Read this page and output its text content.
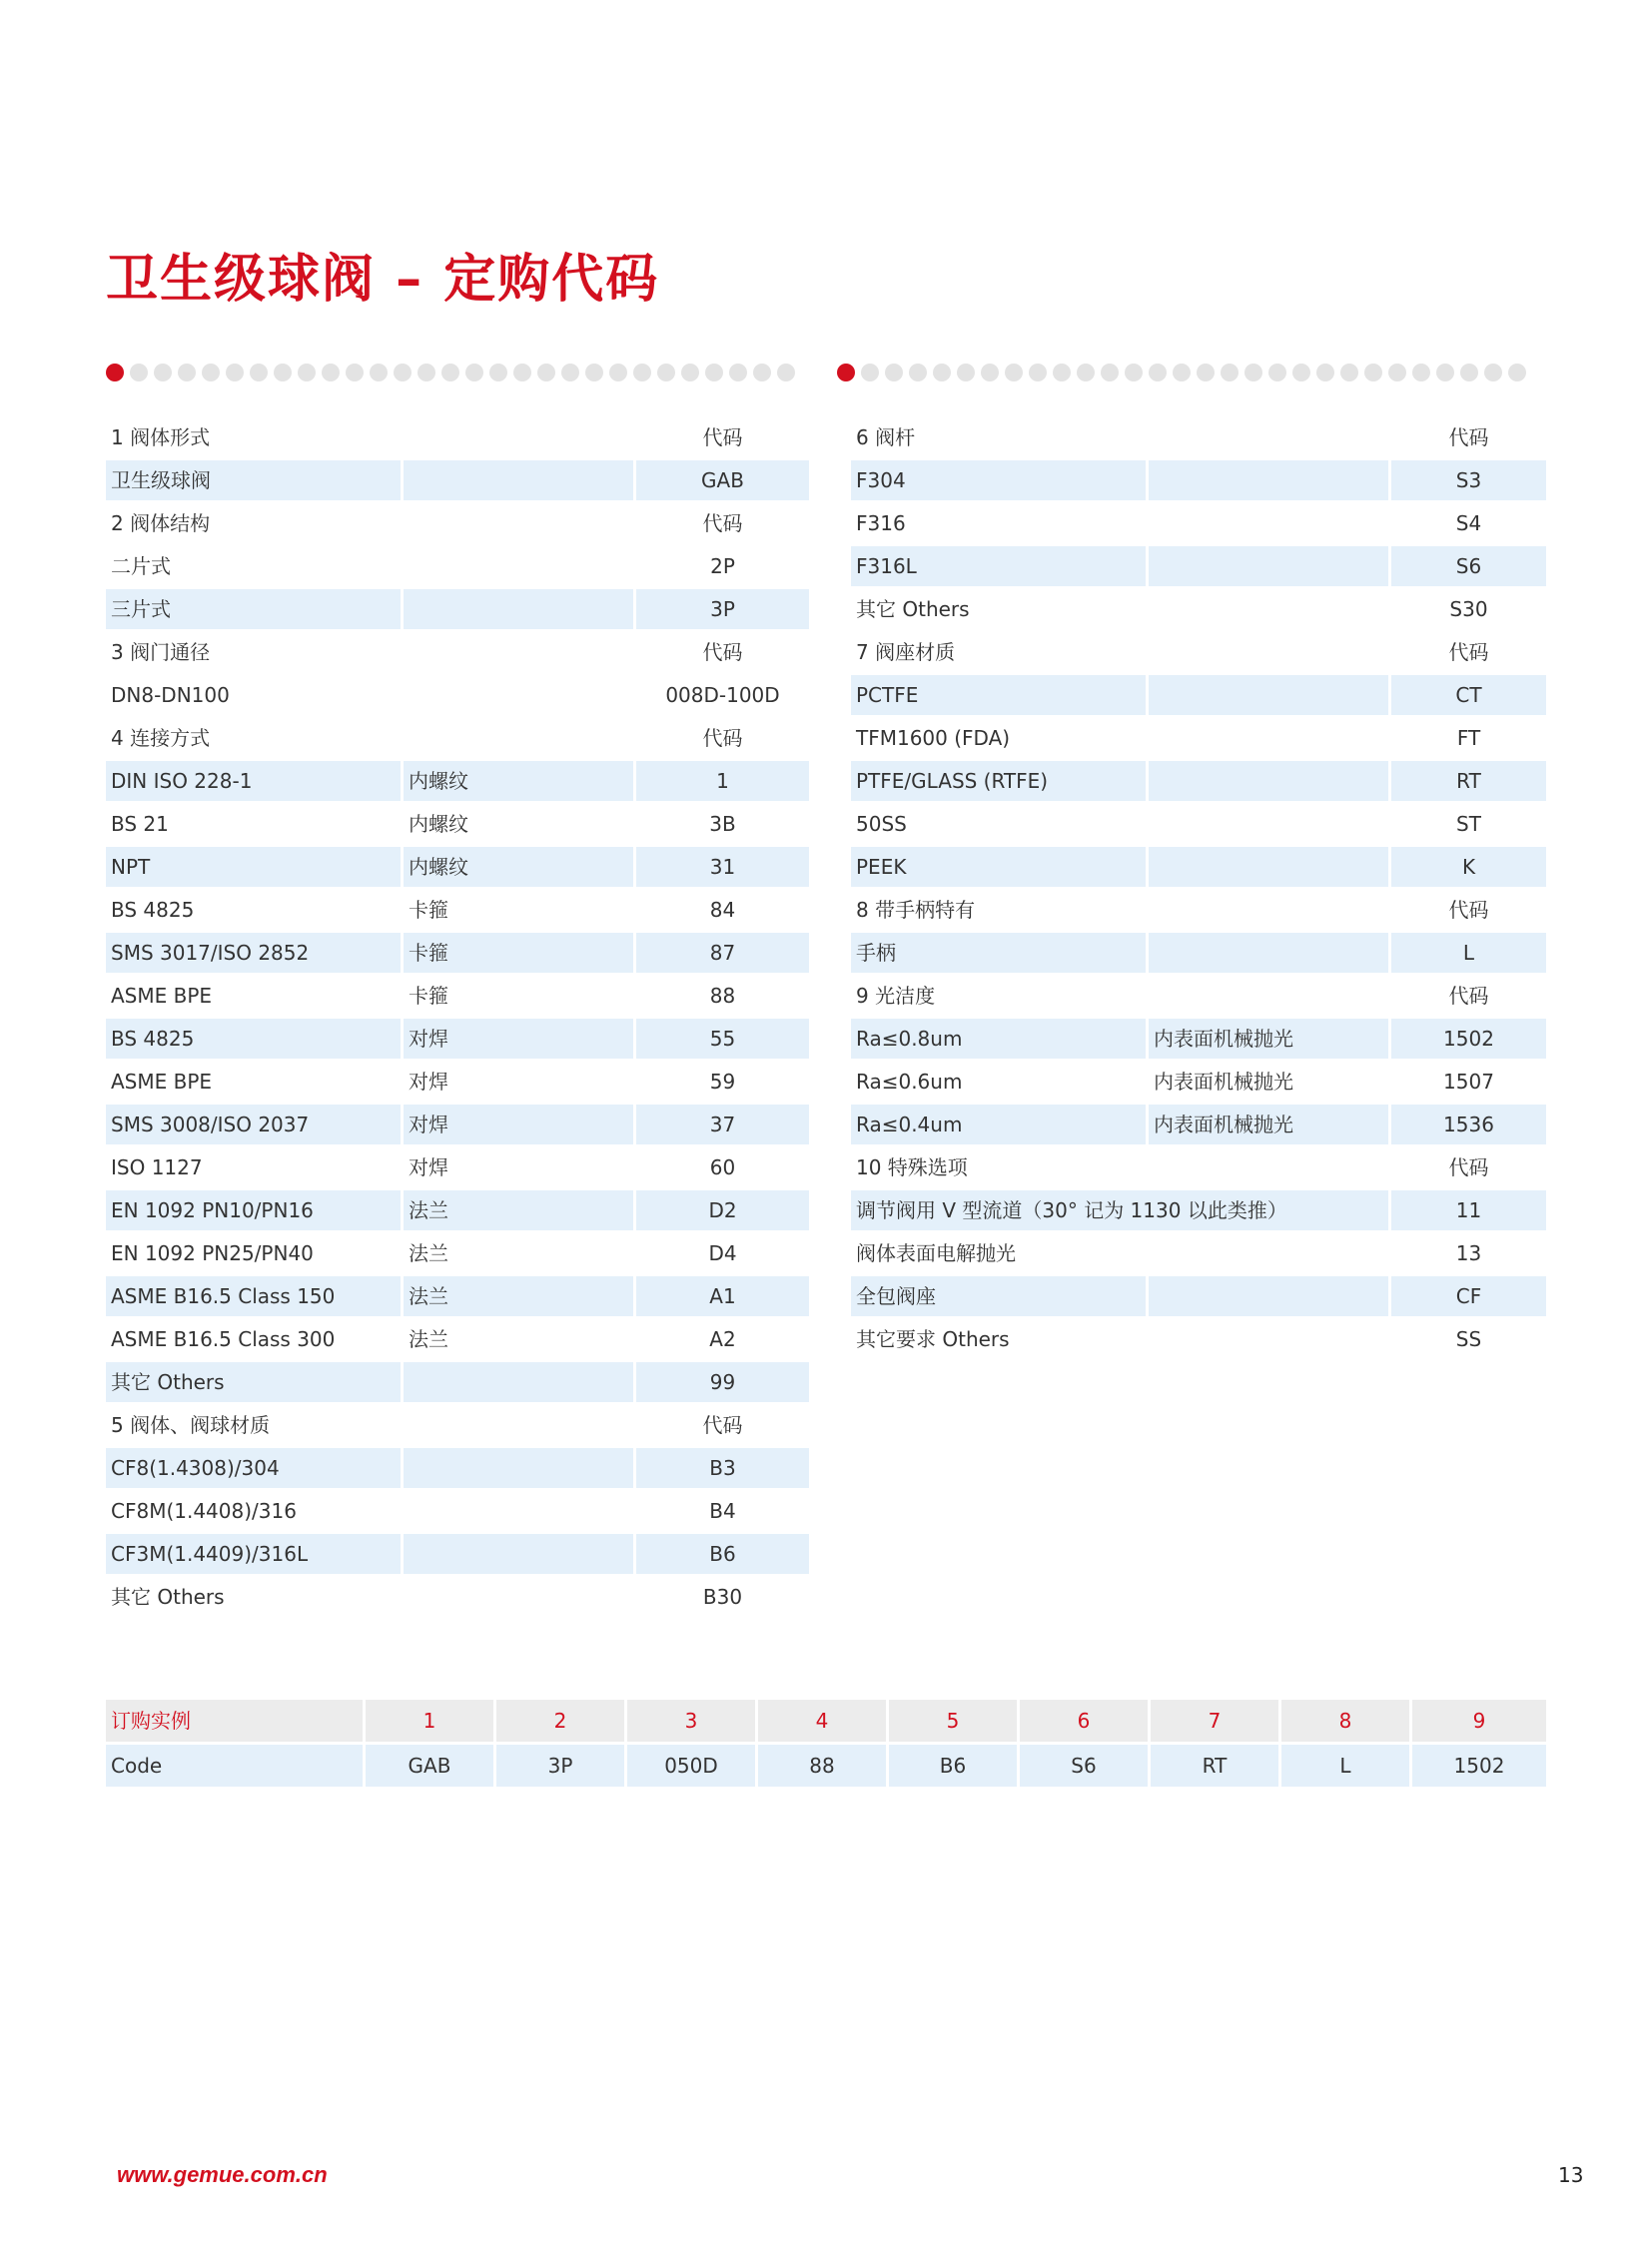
卫生级球阀 – 定购代码
1 阀体形式		代码
卫生级球阀		GAB
2 阀体结构		代码
二片式		2P
三片式		3P
3 阀门通径		代码
DN8-DN100		008D-100D
4 连接方式		代码
DIN ISO 228-1	内螺纹	1
BS 21	内螺纹	3B
NPT	内螺纹	31
BS 4825	卡箍	84
SMS 3017/ISO 2852	卡箍	87
ASME BPE	卡箍	88
BS 4825	对焊	55
ASME BPE	对焊	59
SMS 3008/ISO 2037	对焊	37
ISO 1127	对焊	60
EN 1092 PN10/PN16	法兰	D2
EN 1092 PN25/PN40	法兰	D4
ASME B16.5 Class 150	法兰	A1
ASME B16.5 Class 300	法兰	A2
其它 Others		99
5 阀体、阀球材质		代码
CF8(1.4308)/304		B3
CF8M(1.4408)/316		B4
CF3M(1.4409)/316L		B6
其它 Others		B30
6 阀杆		代码
F304		S3
F316		S4
F316L		S6
其它 Others		S30
7 阀座材质		代码
PCTFE		CT
TFM1600 (FDA)		FT
PTFE/GLASS (RTFE)		RT
50SS		ST
PEEK		K
8 带手柄特有		代码
手柄		L
9 光洁度		代码
Ra≤0.8um	内表面机械抛光	1502
Ra≤0.6um	内表面机械抛光	1507
Ra≤0.4um	内表面机械抛光	1536
10 特殊选项		代码
调节阀用 V 型流道（30° 记为 1130 以此类推）		11
阀体表面电解抛光		13
全包阀座		CF
其它要求 Others		SS
订购实例	1	2	3	4	5	6	7	8	9
Code	GAB	3P	050D	88	B6	S6	RT	L	1502
www.gemue.com.cn	13
